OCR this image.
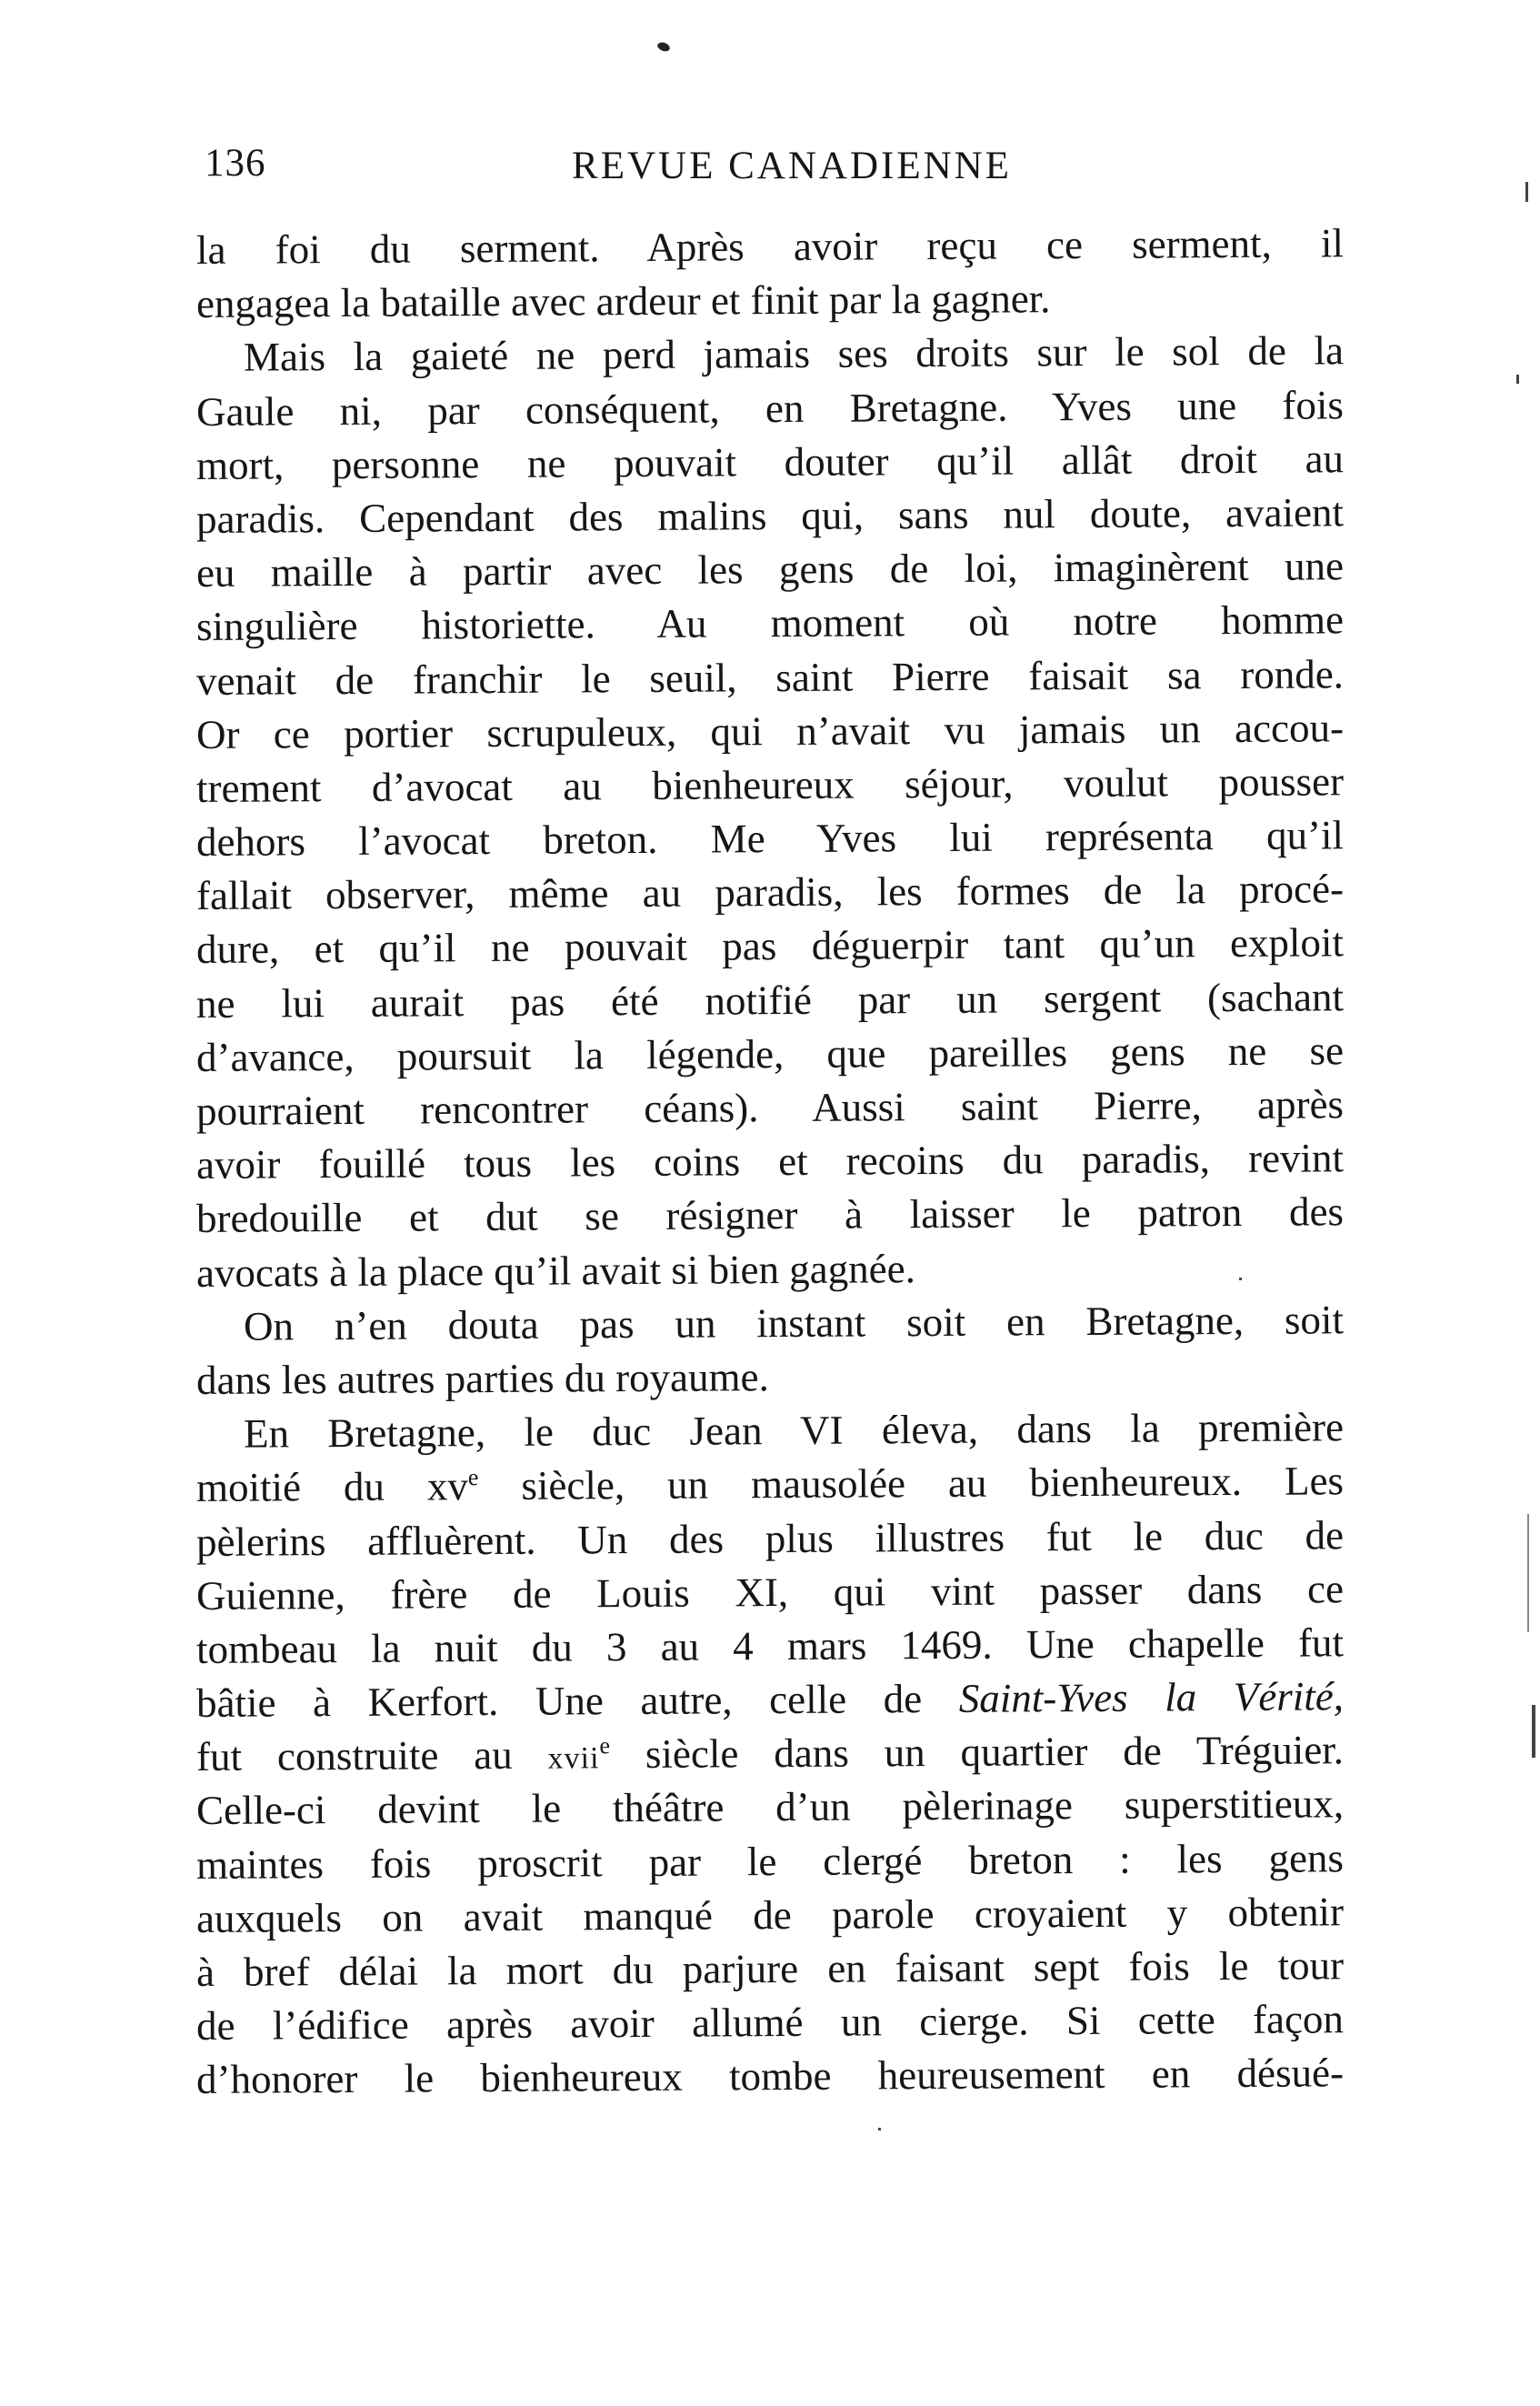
136	REVUE CANADIENNE
la foi du serment. Après avoir reçu ce serment, il
engagea la bataille avec ardeur et finit par la gagner.
Mais la gaieté ne perd jamais ses droits sur le sol de la
Gaule ni, par conséquent, en Bretagne. Yves une fois
mort, personne ne pouvait douter qu’il allât droit au
paradis. Cependant des malins qui, sans nul doute, avaient
eu maille à partir avec les gens de loi, imaginèrent une
singulière historiette. Au moment où notre homme
venait de franchir le seuil, saint Pierre faisait sa ronde.
Or ce portier scrupuleux, qui n’avait vu jamais un accou-
trement d’avocat au bienheureux séjour, voulut pousser
dehors l’avocat breton. Me Yves lui représenta qu’il
fallait observer, même au paradis, les formes de la procé-
dure, et qu’il ne pouvait pas déguerpir tant qu’un exploit
ne lui aurait pas été notifié par un sergent (sachant
d’avance, poursuit la légende, que pareilles gens ne se
pourraient rencontrer céans). Aussi saint Pierre, après
avoir fouillé tous les coins et recoins du paradis, revint
bredouille et dut se résigner à laisser le patron des
avocats à la place qu’il avait si bien gagnée.
On n’en douta pas un instant soit en Bretagne, soit
dans les autres parties du royaume.
En Bretagne, le duc Jean VI éleva, dans la première
moitié du $xv^e$ siècle, un mausolée au bienheureux. Les
pèlerins affluèrent. Un des plus illustres fut le duc de
Guienne, frère de Louis XI, qui vint passer dans ce
tombeau la nuit du 3 au 4 mars 1469. Une chapelle fut
bâtie à Kerfort. Une autre, celle de Saint-Yves la Vérité,
fut construite au xvii$^e$ siècle dans un quartier de Tréguier.
Celle-ci devint le théâtre d’un pèlerinage superstitieux,
maintes fois proscrit par le clergé breton : les gens
auxquels on avait manqué de parole croyaient y obtenir
à bref délai la mort du parjure en faisant sept fois le tour
de l’édifice après avoir allumé un cierge. Si cette façon
d’honorer le bienheureux tombe heureusement en désué-
